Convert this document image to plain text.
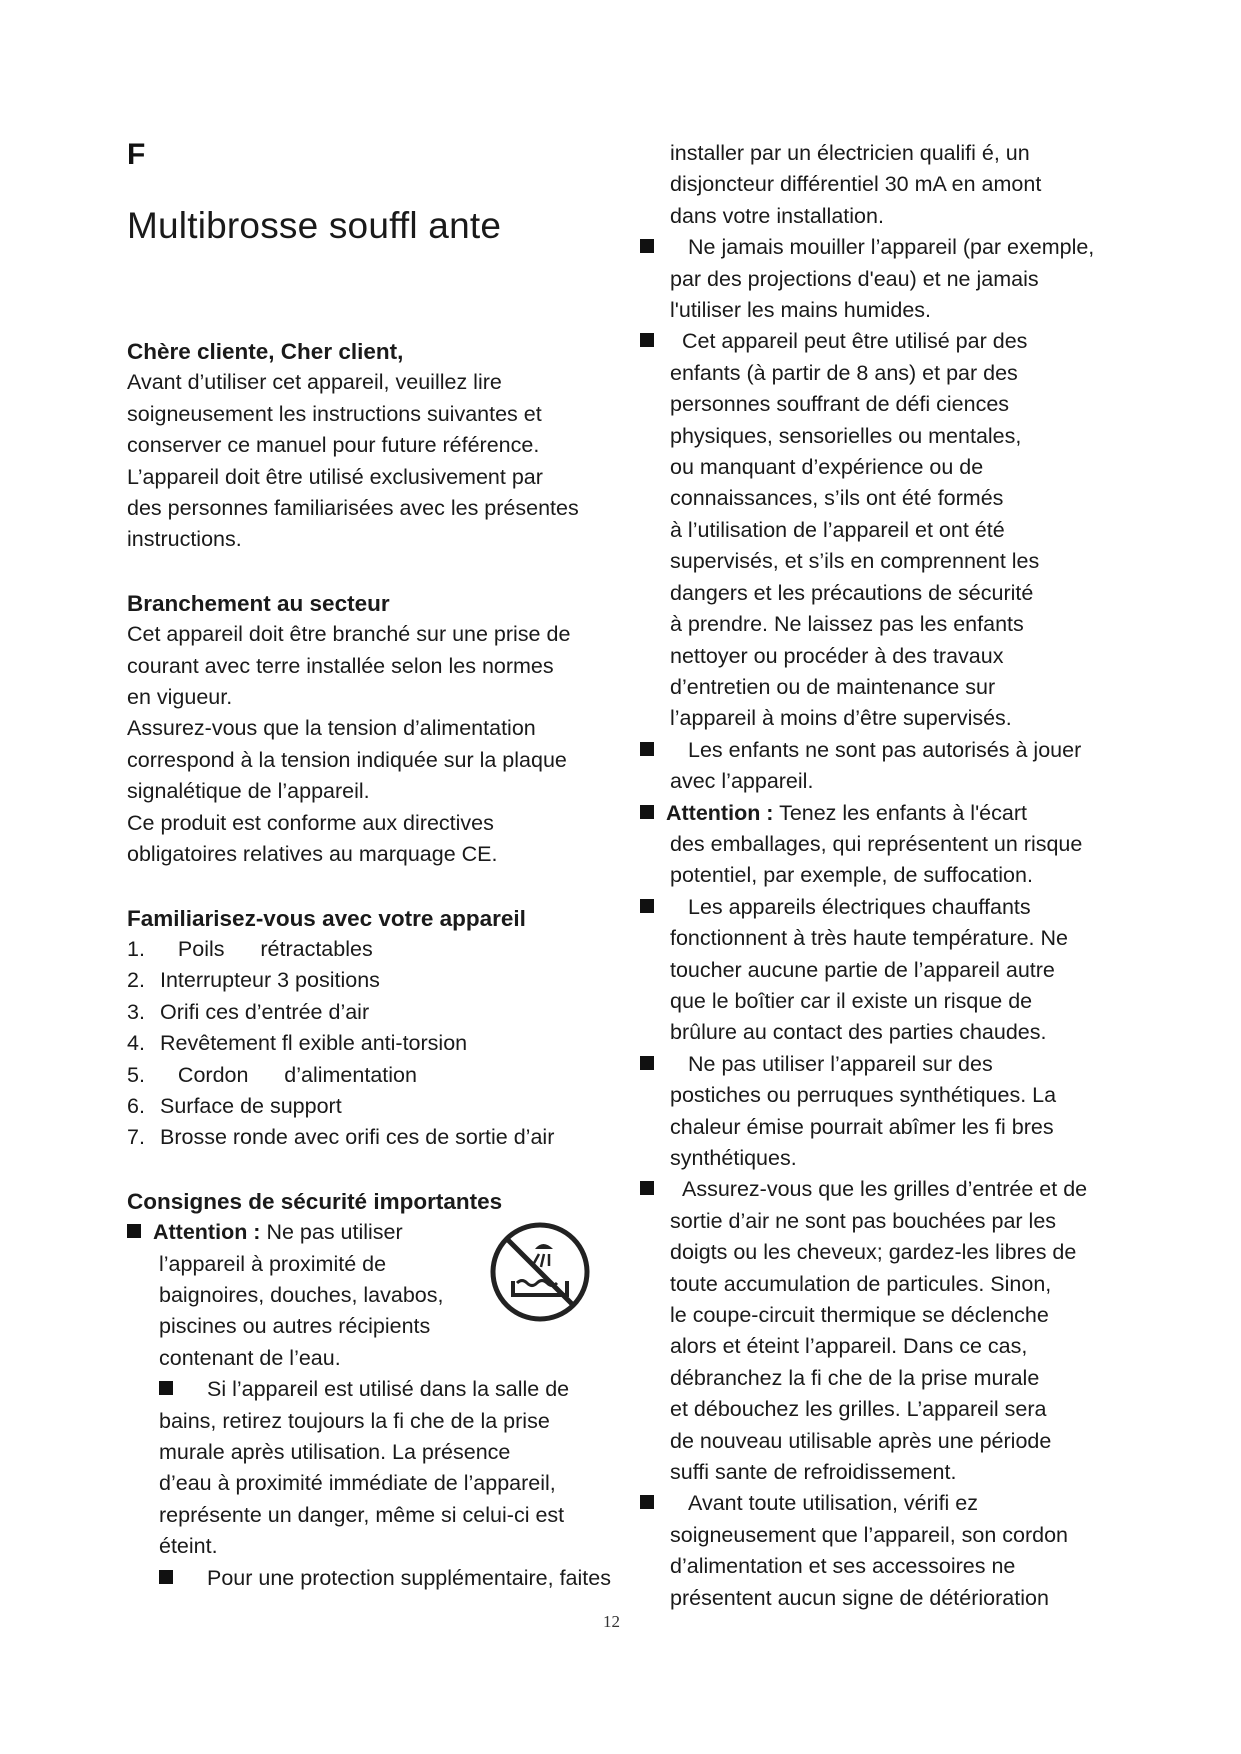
F
Multibrosse souffl ante
Chère cliente, Cher client,
Avant d’utiliser cet appareil, veuillez lire
soigneusement les instructions suivantes et
conserver ce manuel pour future référence.
L’appareil doit être utilisé exclusivement par
des personnes familiarisées avec les présentes
instructions.
Branchement au secteur
Cet appareil doit être branché sur une prise de
courant avec terre installée selon les normes
en vigueur.
Assurez-vous que la tension d’alimentation
correspond à la tension indiquée sur la plaque
signalétique de l’appareil.
Ce produit est conforme aux directives
obligatoires relatives au marquage CE.
Familiarisez-vous avec votre appareil
1.   Poils      rétractables
2. Interrupteur 3 positions
3. Orifi ces d’entrée d’air
4. Revêtement fl exible anti-torsion
5.   Cordon      d’alimentation
6. Surface de support
7. Brosse ronde avec orifi ces de sortie d’air
Consignes de sécurité importantes
Attention : Ne pas utiliser
l’appareil à proximité de
baignoires, douches, lavabos,
piscines ou autres récipients
contenant de l’eau.
Si l’appareil est utilisé dans la salle de
bains, retirez toujours la fi che de la prise
murale après utilisation. La présence
d’eau à proximité immédiate de l’appareil,
représente un danger, même si celui-ci est
éteint.
Pour une protection supplémentaire, faites
installer par un électricien qualifi é, un
disjoncteur différentiel 30 mA en amont
dans votre installation.
Ne jamais mouiller l’appareil (par exemple,
par des projections d'eau) et ne jamais
l'utiliser les mains humides.
Cet appareil peut être utilisé par des
enfants (à partir de 8 ans) et par des
personnes souffrant de défi ciences
physiques, sensorielles ou mentales,
ou manquant d’expérience ou de
connaissances, s’ils ont été formés
à l’utilisation de l’appareil et ont été
supervisés, et s’ils en comprennent les
dangers et les précautions de sécurité
à prendre. Ne laissez pas les enfants
nettoyer ou procéder à des travaux
d’entretien ou de maintenance sur
l’appareil à moins d’être supervisés.
Les enfants ne sont pas autorisés à jouer
avec l’appareil.
Attention : Tenez les enfants à l'écart
des emballages, qui représentent un risque
potentiel, par exemple, de suffocation.
Les appareils électriques chauffants
fonctionnent à très haute température. Ne
toucher aucune partie de l’appareil autre
que le boîtier car il existe un risque de
brûlure au contact des parties chaudes.
Ne pas utiliser l’appareil sur des
postiches ou perruques synthétiques. La
chaleur émise pourrait abîmer les fi bres
synthétiques.
Assurez-vous que les grilles d’entrée et de
sortie d’air ne sont pas bouchées par les
doigts ou les cheveux; gardez-les libres de
toute accumulation de particules. Sinon,
le coupe-circuit thermique se déclenche
alors et éteint l’appareil. Dans ce cas,
débranchez la fi che de la prise murale
et débouchez les grilles. L’appareil sera
de nouveau utilisable après une période
suffi sante de refroidissement.
Avant toute utilisation, vérifi ez
soigneusement que l’appareil, son cordon
d’alimentation et ses accessoires ne
présentent aucun signe de détérioration
12
